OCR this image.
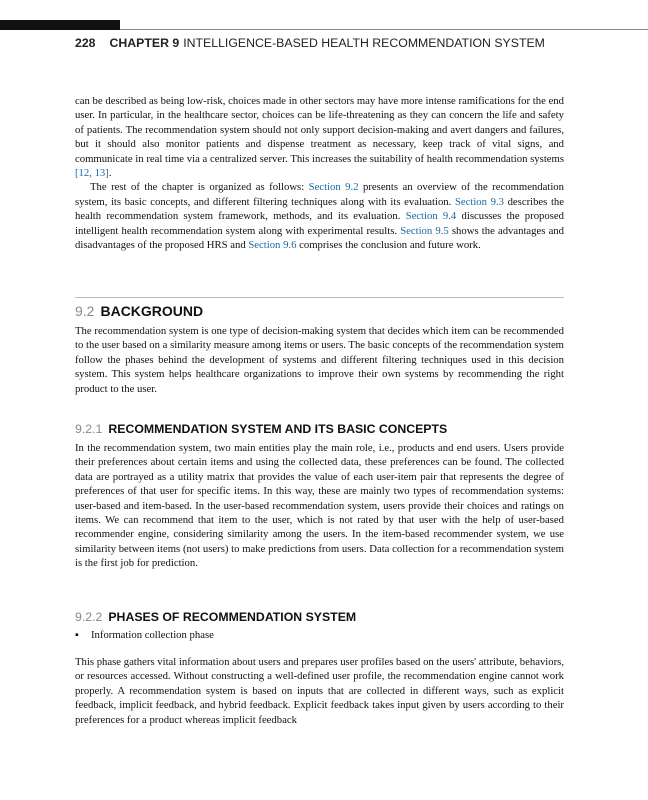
228 CHAPTER 9 INTELLIGENCE-BASED HEALTH RECOMMENDATION SYSTEM

can be described as being low-risk, choices made in other sectors may have more intense ramifications for the end user. In particular, in the healthcare sector, choices can be life-threatening as they can concern the life and safety of patients. The recommendation system should not only support decision-making and avert dangers and failures, but it should also monitor patients and dispense treatment as necessary, keep track of vital signs, and communicate in real time via a centralized server. This increases the suitability of health recommendation systems [12, 13].

The rest of the chapter is organized as follows: Section 9.2 presents an overview of the recommendation system, its basic concepts, and different filtering techniques along with its evaluation. Section 9.3 describes the health recommendation system framework, methods, and its evaluation. Section 9.4 discusses the proposed intelligent health recommendation system along with experimental results. Section 9.5 shows the advantages and disadvantages of the proposed HRS and Section 9.6 comprises the conclusion and future work.

9.2 BACKGROUND

The recommendation system is one type of decision-making system that decides which item can be recommended to the user based on a similarity measure among items or users. The basic concepts of the recommendation system follow the phases behind the development of systems and different filtering techniques used in this decision system. This system helps healthcare organizations to improve their own systems by recommending the right product to the user.

9.2.1 RECOMMENDATION SYSTEM AND ITS BASIC CONCEPTS

In the recommendation system, two main entities play the main role, i.e., products and end users. Users provide their preferences about certain items and using the collected data, these preferences can be found. The collected data are portrayed as a utility matrix that provides the value of each user-item pair that represents the degree of preferences of that user for specific items. In this way, these are mainly two types of recommendation systems: user-based and item-based. In the user-based recommendation system, users provide their choices and ratings on items. We can recommend that item to the user, which is not rated by that user with the help of user-based recommender engine, considering similarity among the users. In the item-based recommender system, we use similarity between items (not users) to make predictions from users. Data collection for a recommendation system is the first job for prediction.

9.2.2 PHASES OF RECOMMENDATION SYSTEM
▪ Information collection phase

This phase gathers vital information about users and prepares user profiles based on the users' attribute, behaviors, or resources accessed. Without constructing a well-defined user profile, the recommendation engine cannot work properly. A recommendation system is based on inputs that are collected in different ways, such as explicit feedback, implicit feedback, and hybrid feedback. Explicit feedback takes input given by users according to their preferences for a product whereas implicit feedback
